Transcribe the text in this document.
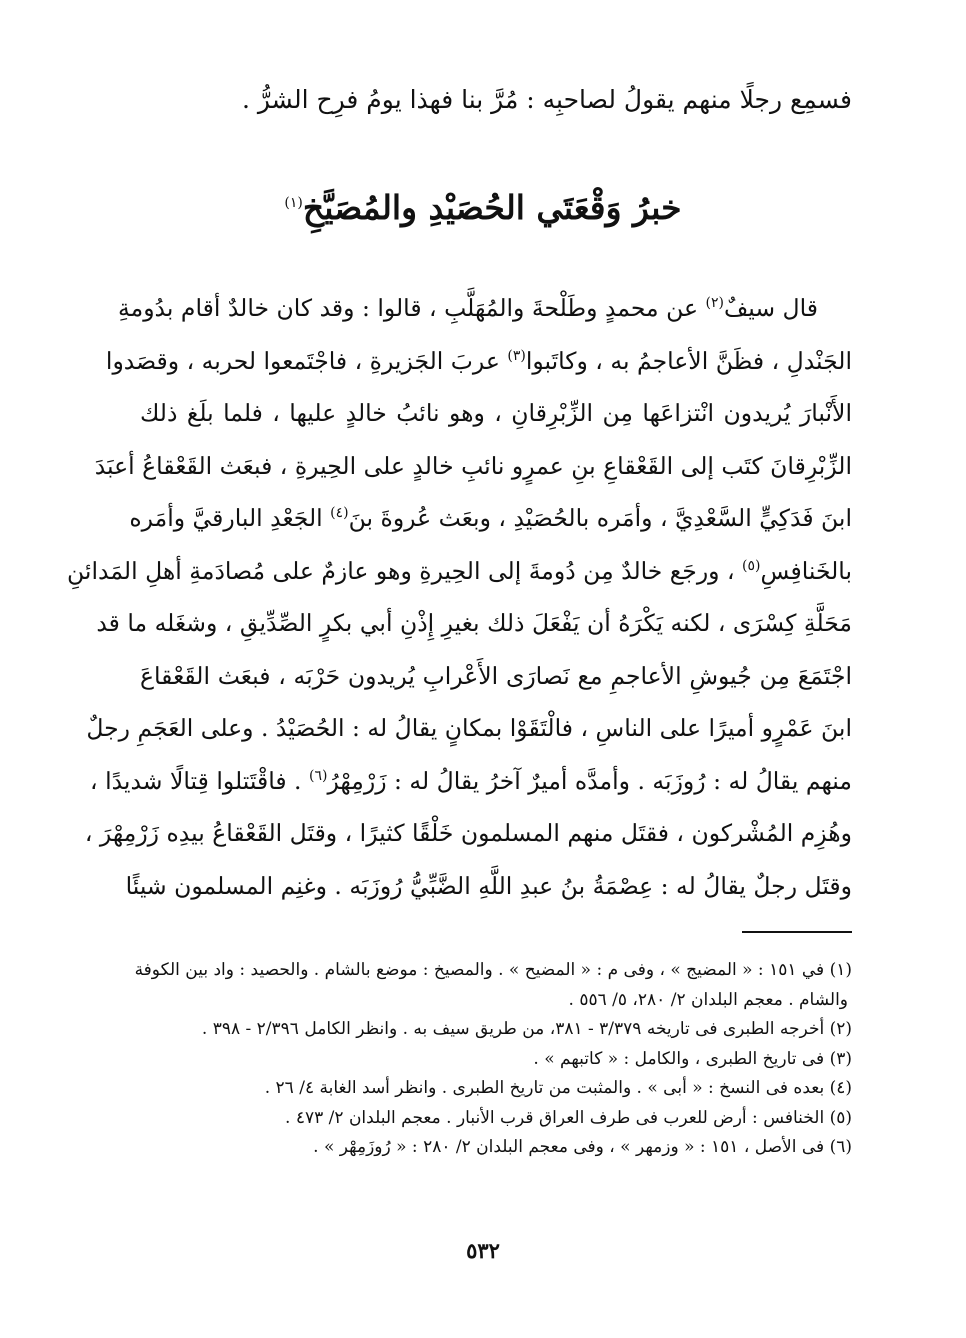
فسمِع رجلًا منهم يقولُ لصاحبِه : مُرَّ بنا فهذا يومُ فرِح الشرُّ .
خبرُ وَقْعَتَي الحُصَيْدِ والمُصَيَّخِ$^{(١)}$
قال سيفٌ$^{(٢)}$ عن محمدٍ وطَلْحةَ والمُهَلَّبِ ، قالوا : وقد كان خالدٌ أقام بدُومةِ
الجَنْدلِ ، فظَنَّ الأعاجمُ به ، وكاتَبوا$^{(٣)}$ عربَ الجَزيرةِ ، فاجْتَمعوا لحربه ، وقصَدوا
الأَنْبارَ يُريدون انْتزاعَها مِن الزِّبْرِقانِ ، وهو نائبُ خالدٍ عليها ، فلما بلَغ ذلك
الزِّبْرِقانَ كتَب إلى القَعْقاعِ بنِ عمرٍو نائبِ خالدٍ على الحِيرةِ ، فبعَث القَعْقاعُ أعبَدَ
ابنَ فَدَكِيٍّ السَّعْدِيَّ ، وأمَره بالحُصَيْدِ ، وبعَث عُروةَ بنَ$^{(٤)}$ الجَعْدِ البارقيَّ وأمَره
بالخَنافِسِ$^{(٥)}$ ، ورجَع خالدٌ مِن دُومةَ إلى الحِيرةِ وهو عازمٌ على مُصادَمةِ أهلِ المَدائنِ
مَحَلَّةِ كِسْرَى ، لكنه يَكْرَهُ أن يَفْعَلَ ذلك بغيرِ إِذْنِ أبي بكرٍ الصِّدِّيقِ ، وشغَله ما قد
اجْتَمَعَ مِن جُيوشِ الأعاجمِ مع نَصارَى الأَعْرابِ يُريدون حَرْبَه ، فبعَث القَعْقاعَ
ابنَ عَمْرٍو أميرًا على الناسِ ، فالْتَقَوْا بمكانٍ يقالُ له : الحُصَيْدُ . وعلى العَجَمِ رجلٌ
منهم يقالُ له : رُوزَبَه . وأمدَّه أميرٌ آخرُ يقالُ له : زَرْمِهْرُ$^{(٦)}$ . فاقْتَتلوا قِتالًا شديدًا ،
وهُزِم المُشْركون ، فقتَل منهم المسلمون خَلْقًا كثيرًا ، وقتَل القَعْقاعُ بيدِه زَرْمِهْرَ ،
وقتَل رجلٌ يقالُ له : عِصْمَةُ بنُ عبدِ اللَّهِ الضَّبِّيُّ رُوزَبَه . وغنِم المسلمون شيئًا
(١) في ١٥١ : « المضيج » ، وفى م : « المضيح » . والمصيخ : موضع بالشام . والحصيد : واد بين الكوفة
والشام . معجم البلدان ٢/ ٢٨٠، ٥/ ٥٥٦ .
(٢) أخرجه الطبرى فى تاريخه ٣/٣٧٩ - ٣٨١، من طريق سيف به . وانظر الكامل ٢/٣٩٦ - ٣٩٨ .
(٣) فى تاريخ الطبرى ، والكامل : « كاتبهم » .
(٤) بعده فى النسخ : « أبى » . والمثبت من تاريخ الطبرى . وانظر أسد الغابة ٤/ ٢٦ .
(٥) الخنافس : أرض للعرب فى طرف العراق قرب الأنبار . معجم البلدان ٢/ ٤٧٣ .
(٦) فى الأصل ، ١٥١ : « وزمهر » ، وفى معجم البلدان ٢/ ٢٨٠ : « رُوزَمِهْر » .
٥٣٢
